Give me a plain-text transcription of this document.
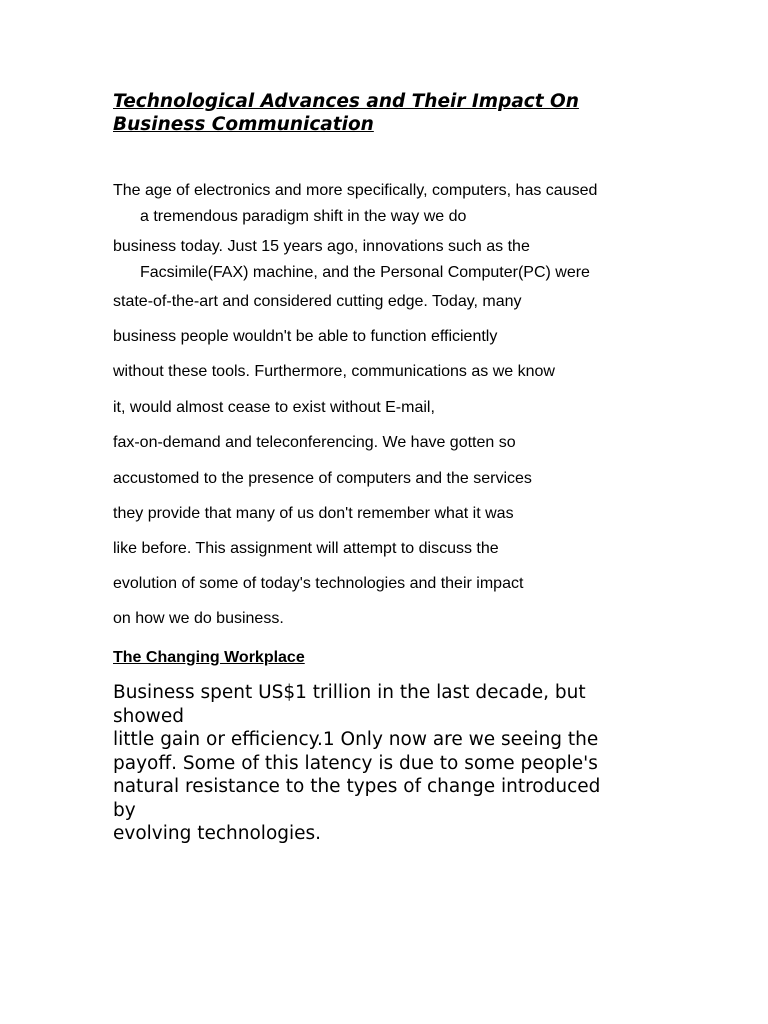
Technological Advances and Their Impact On
Business Communication

The age of electronics and more specifically, computers, has caused
a tremendous paradigm shift in the way we do

business today. Just 15 years ago, innovations such as the
Facsimile(FAX) machine, and the Personal Computer(PC) were

state-of-the-art and considered cutting edge. Today, many

business people wouldn't be able to function efficiently

without these tools. Furthermore, communications as we know

it, would almost cease to exist without E-mail,

fax-on-demand and teleconferencing. We have gotten so

accustomed to the presence of computers and the services

they provide that many of us don't remember what it was

like before. This assignment will attempt to discuss the

evolution of some of today's technologies and their impact

on how we do business.

The Changing Workplace

Business spent US$1 trillion in the last decade, but
showed
little gain or efficiency.1 Only now are we seeing the
payoff. Some of this latency is due to some people's
natural resistance to the types of change introduced
by
evolving technologies.
